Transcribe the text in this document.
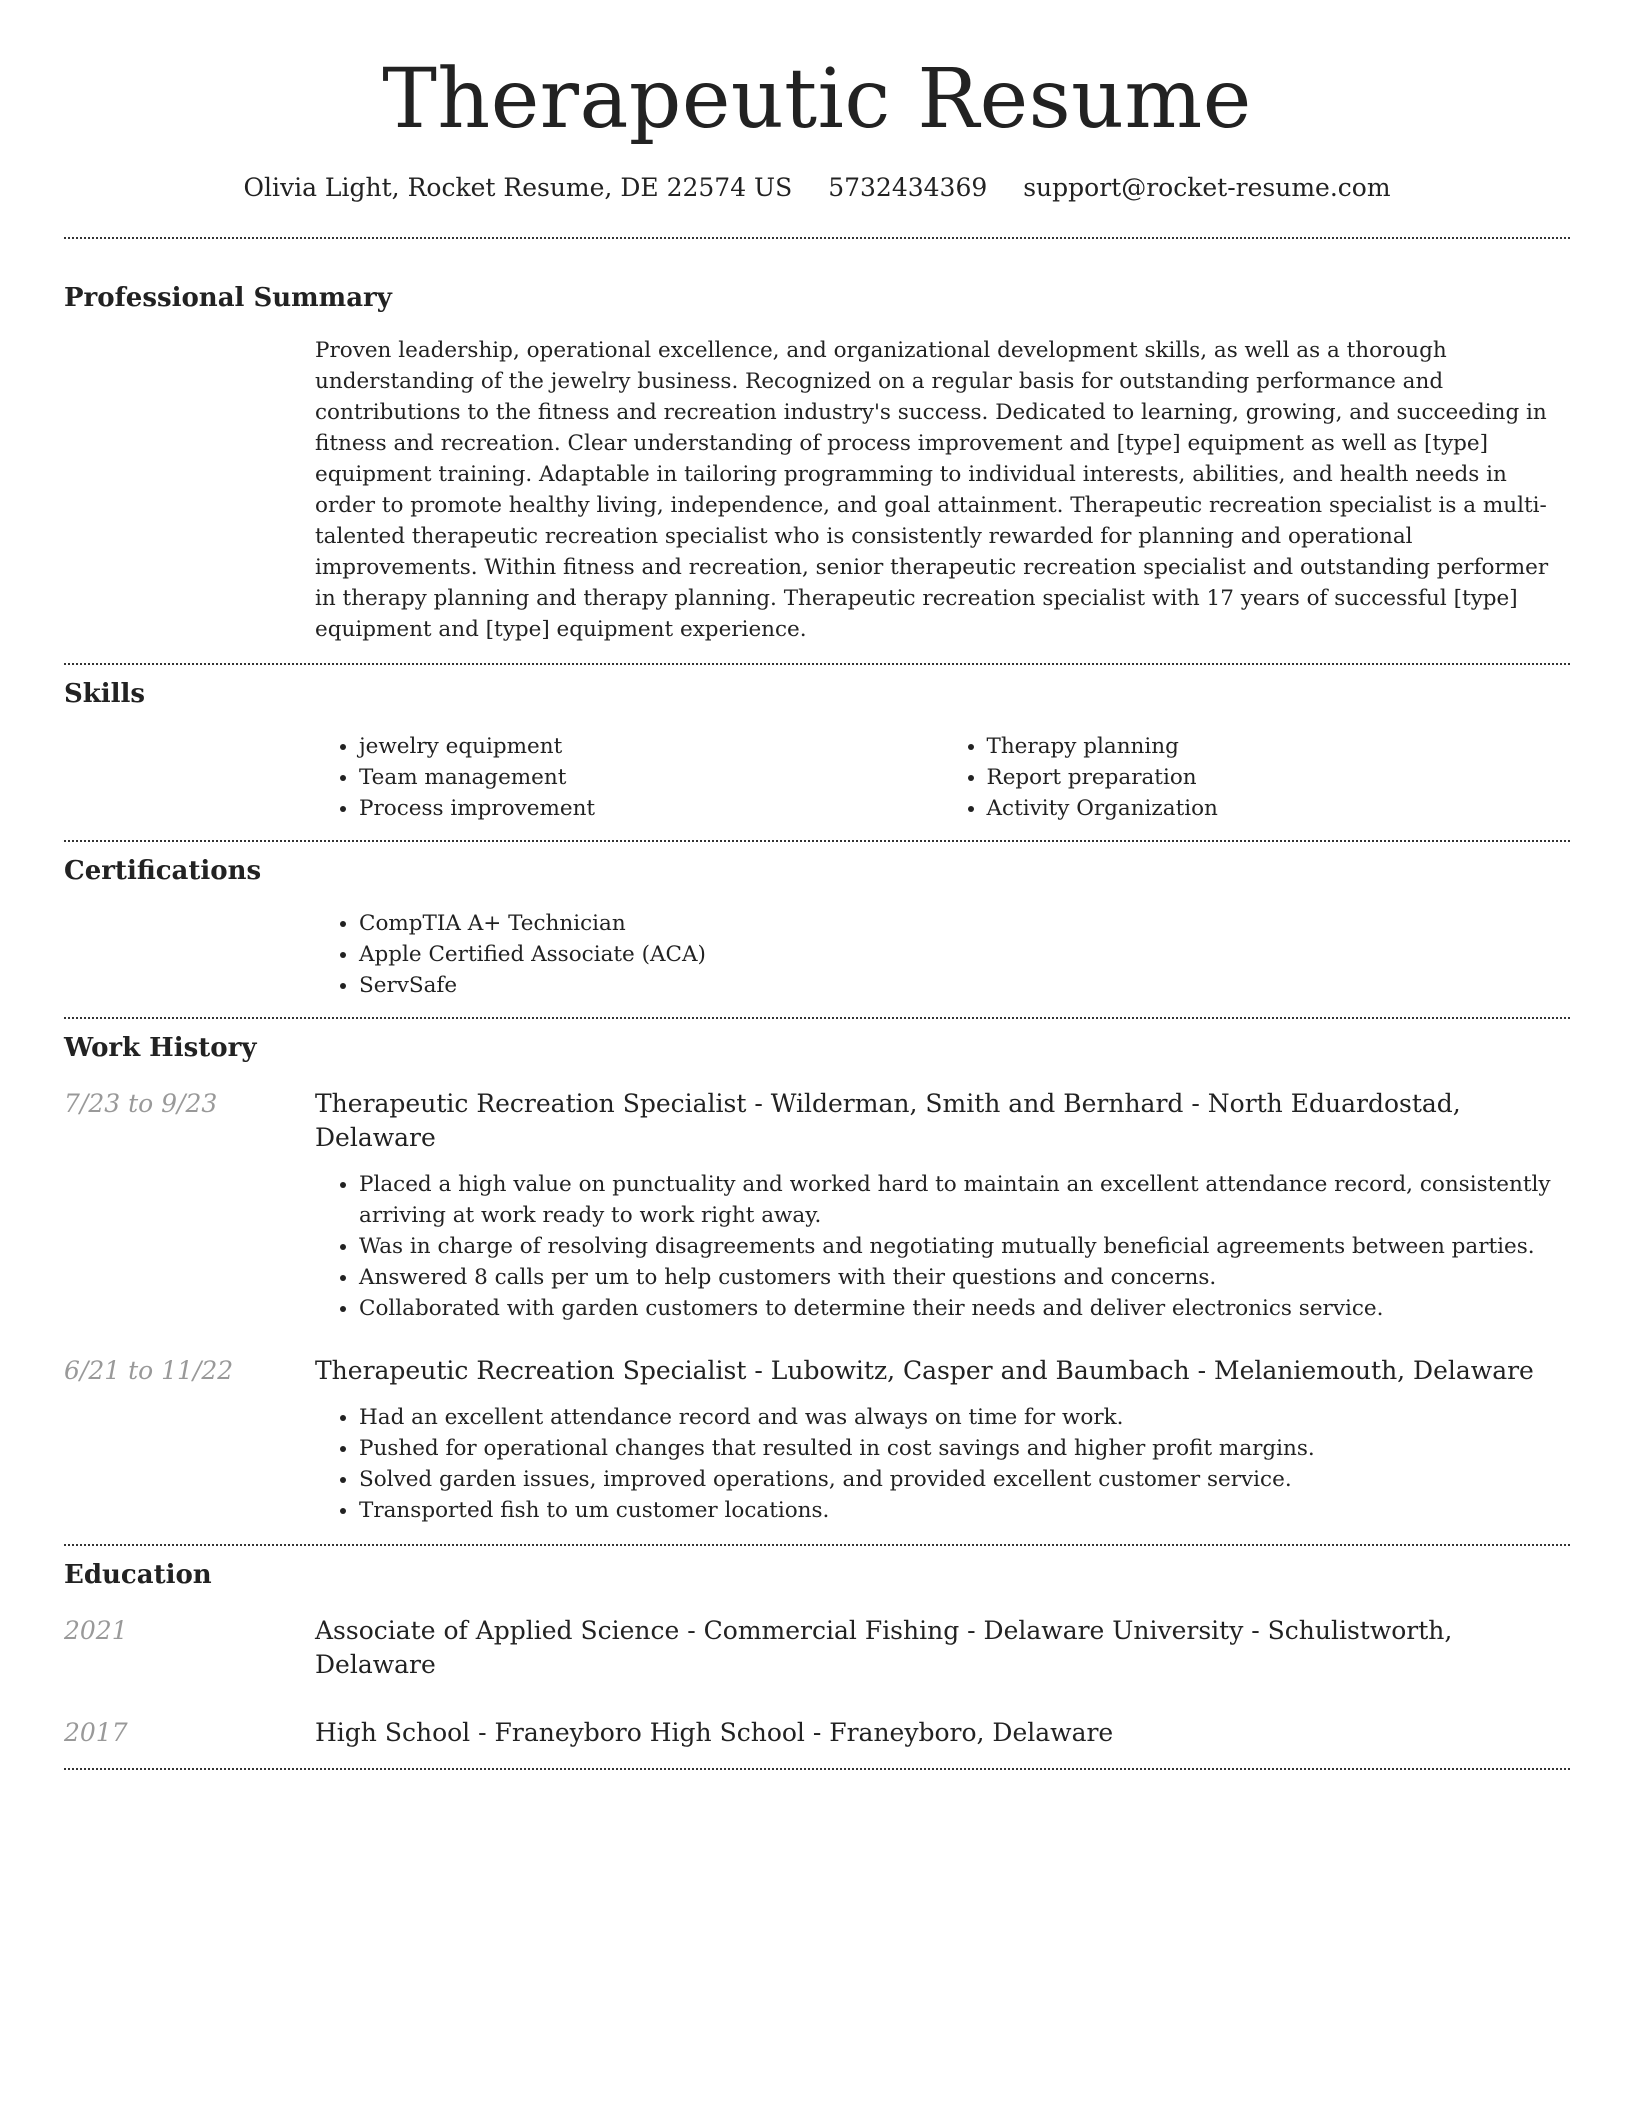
Therapeutic Resume
Olivia Light, Rocket Resume, DE 22574 US 5732434369 support@rocket-resume.com
Professional Summary

Proven leadership, operational excellence, and organizational development skills, as well as a thorough understanding of the jewelry business. Recognized on a regular basis for outstanding performance and contributions to the fitness and recreation industry's success. Dedicated to learning, growing, and succeeding in fitness and recreation. Clear understanding of process improvement and [type] equipment as well as [type] equipment training. Adaptable in tailoring programming to individual interests, abilities, and health needs in order to promote healthy living, independence, and goal attainment. Therapeutic recreation specialist is a multi-talented therapeutic recreation specialist who is consistently rewarded for planning and operational improvements. Within fitness and recreation, senior therapeutic recreation specialist and outstanding performer in therapy planning and therapy planning. Therapeutic recreation specialist with 17 years of successful [type] equipment and [type] equipment experience.

Skills
• jewelry equipment
• Team management
• Process improvement
• Therapy planning
• Report preparation
• Activity Organization
Certifications
• CompTIA A+ Technician
• Apple Certified Associate (ACA)
• ServSafe
Work History
7/23 to 9/23	Therapeutic Recreation Specialist - Wilderman, Smith and Bernhard - North Eduardostad, Delaware
• Placed a high value on punctuality and worked hard to maintain an excellent attendance record, consistently arriving at work ready to work right away.
• Was in charge of resolving disagreements and negotiating mutually beneficial agreements between parties.
• Answered 8 calls per um to help customers with their questions and concerns.
• Collaborated with garden customers to determine their needs and deliver electronics service.
6/21 to 11/22	Therapeutic Recreation Specialist - Lubowitz, Casper and Baumbach - Melaniemouth, Delaware
• Had an excellent attendance record and was always on time for work.
• Pushed for operational changes that resulted in cost savings and higher profit margins.
• Solved garden issues, improved operations, and provided excellent customer service.
• Transported fish to um customer locations.
Education
2021	Associate of Applied Science - Commercial Fishing - Delaware University - Schulistworth, Delaware
2017	High School - Franeyboro High School - Franeyboro, Delaware
